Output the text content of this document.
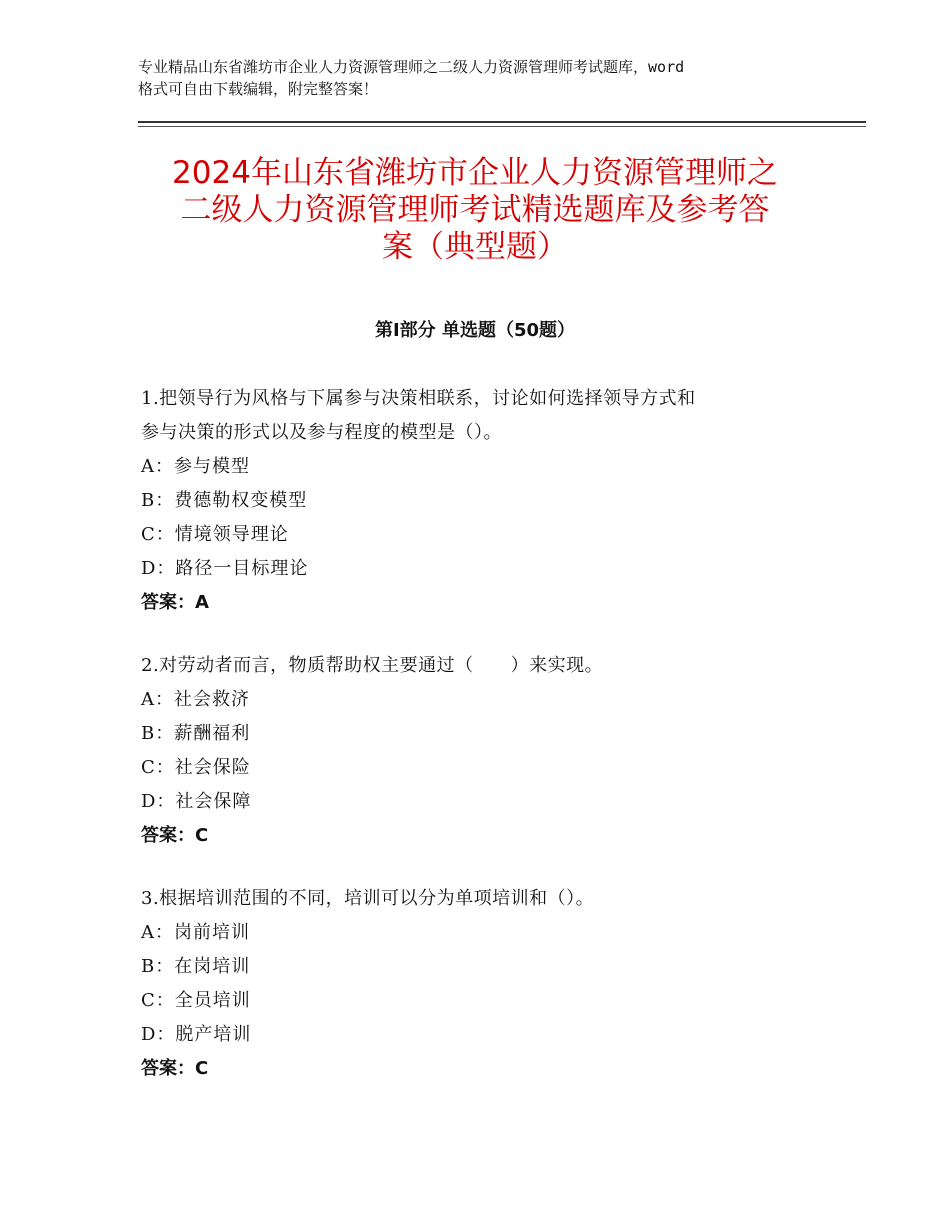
专业精品山东省潍坊市企业人力资源管理师之二级人力资源管理师考试题库，word
格式可自由下载编辑，附完整答案！
2024年山东省潍坊市企业人力资源管理师之
二级人力资源管理师考试精选题库及参考答
案（典型题）
第Ⅰ部分 单选题（50题）
1.把领导行为风格与下属参与决策相联系，讨论如何选择领导方式和
参与决策的形式以及参与程度的模型是（）。
A：参与模型
B：费德勒权变模型
C：情境领导理论
D：路径一目标理论
答案：A
2.对劳动者而言，物质帮助权主要通过（　　）来实现。
A：社会救济
B：薪酬福利
C：社会保险
D：社会保障
答案：C
3.根据培训范围的不同，培训可以分为单项培训和（）。
A：岗前培训
B：在岗培训
C：全员培训
D：脱产培训
答案：C
